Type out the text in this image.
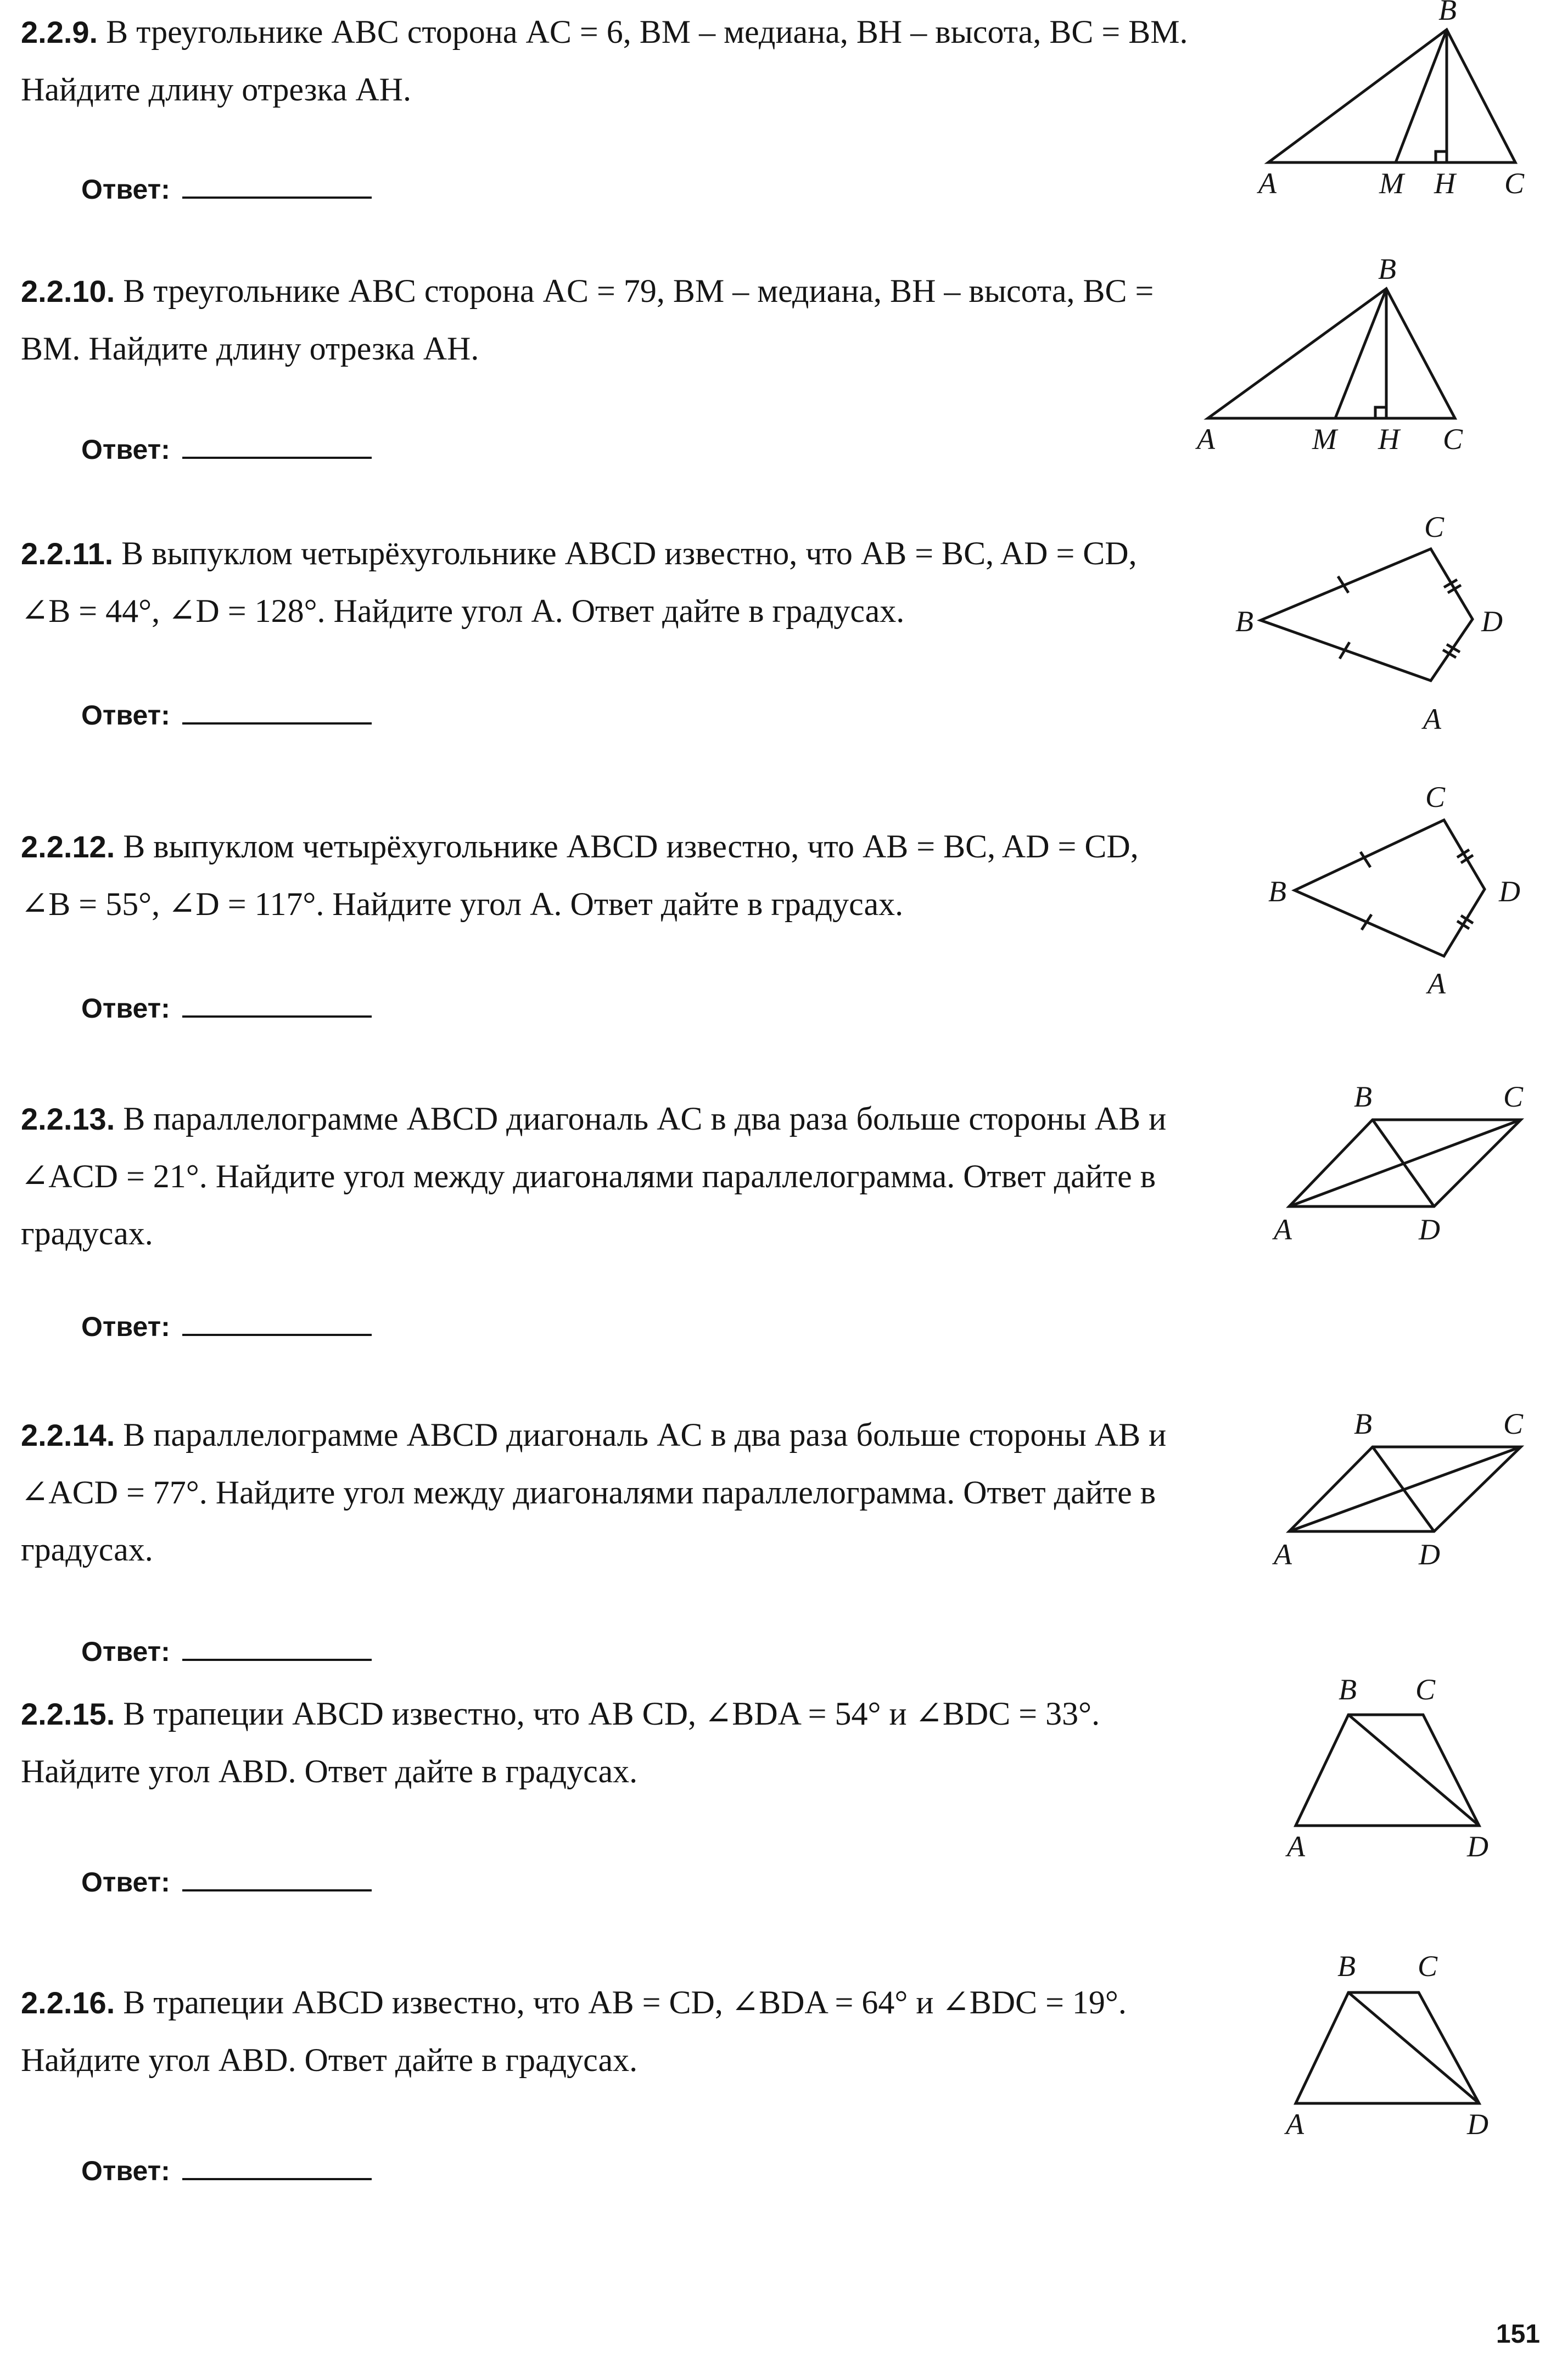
2.2.9. В треугольнике ABC сторона AC = 6, BM – медиана, BH – высота, BC = BM. Найдите длину отрезка AH.

Ответ:
B
A	M H C

2.2.10. В треугольнике ABC сторона AC = 79, BM – медиана, BH – высота, BC = BM. Найдите длину отрезка AH.

Ответ:
B
A	M H C

2.2.11. В выпуклом четырёхугольнике ABCD известно, что AB = BC, AD = CD, ∠B = 44°, ∠D = 128°. Найдите угол A. Ответ дайте в градусах.

Ответ:
C
B	D
A

2.2.12. В выпуклом четырёхугольнике ABCD известно, что AB = BC, AD = CD, ∠B = 55°, ∠D = 117°. Найдите угол A. Ответ дайте в градусах.

Ответ:
C
B	D
A

2.2.13. В параллелограмме ABCD диагональ AC в два раза больше стороны AB и ∠ACD = 21°. Найдите угол между диагоналями параллелограмма. Ответ дайте в градусах.

Ответ:
B	C
A	D

2.2.14. В параллелограмме ABCD диагональ AC в два раза больше стороны AB и ∠ACD = 77°. Найдите угол между диагоналями параллелограмма. Ответ дайте в градусах.

Ответ:
B	C
A	D

2.2.15. В трапеции ABCD известно, что AB CD, ∠BDA = 54° и ∠BDC = 33°. Найдите угол ABD. Ответ дайте в градусах.

Ответ:
B C
A	D

2.2.16. В трапеции ABCD известно, что AB = CD, ∠BDA = 64° и ∠BDC = 19°. Найдите угол ABD. Ответ дайте в градусах.

Ответ:
B C
A	D
151
